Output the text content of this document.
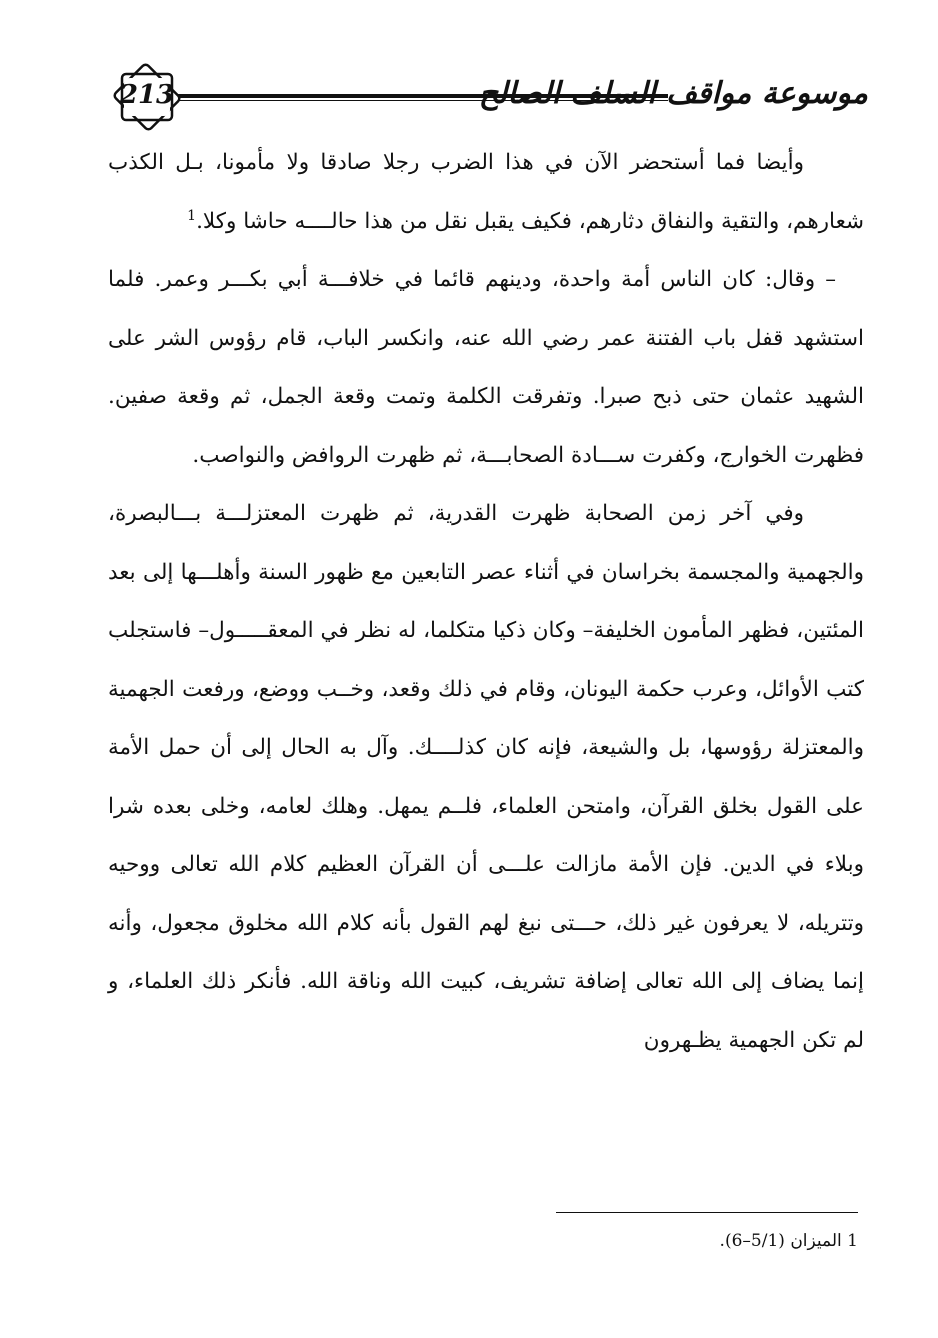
213	موسوعة مواقف السلف الصالح

وأيضا فما أستحضر الآن في هذا الضرب رجلا صادقا ولا مأمونا، بـل الكذب شعارهم، والتقية والنفاق دثارهم، فكيف يقبل نقل من هذا حالــــه حاشا وكلا.$^1$

– وقال: كان الناس أمة واحدة، ودينهم قائما في خلافـــة أبي بكـــر وعمر. فلما استشهد قفل باب الفتنة عمر رضي الله عنه، وانكسر الباب، قام رؤوس الشر على الشهيد عثمان حتى ذبح صبرا. وتفرقت الكلمة وتمت وقعة الجمل، ثم وقعة صفين. فظهرت الخوارج، وكفرت ســـادة الصحابـــة، ثم ظهرت الروافض والنواصب.

وفي آخر زمن الصحابة ظهرت القدرية، ثم ظهرت المعتزلـــة بـــالبصرة، والجهمية والمجسمة بخراسان في أثناء عصر التابعين مع ظهور السنة وأهلـــها إلى بعد المئتين، فظهر المأمون الخليفة– وكان ذكيا متكلما، له نظر في المعقـــــول– فاستجلب كتب الأوائل، وعرب حكمة اليونان، وقام في ذلك وقعد، وخــب ووضع، ورفعت الجهمية والمعتزلة رؤوسها، بل والشيعة، فإنه كان كذلــــك. وآل به الحال إلى أن حمل الأمة على القول بخلق القرآن، وامتحن العلماء، فلــم يمهل. وهلك لعامه، وخلى بعده شرا وبلاء في الدين. فإن الأمة مازالت علـــى أن القرآن العظيم كلام الله تعالى ووحيه وتتريله، لا يعرفون غير ذلك، حـــتى نبغ لهم القول بأنه كلام الله مخلوق مجعول، وأنه إنما يضاف إلى الله تعالى إضافة تشريف، كبيت الله وناقة الله. فأنكر ذلك العلماء، و لم تكن الجهمية يظـهرون

1 الميزان (5/1–6).
